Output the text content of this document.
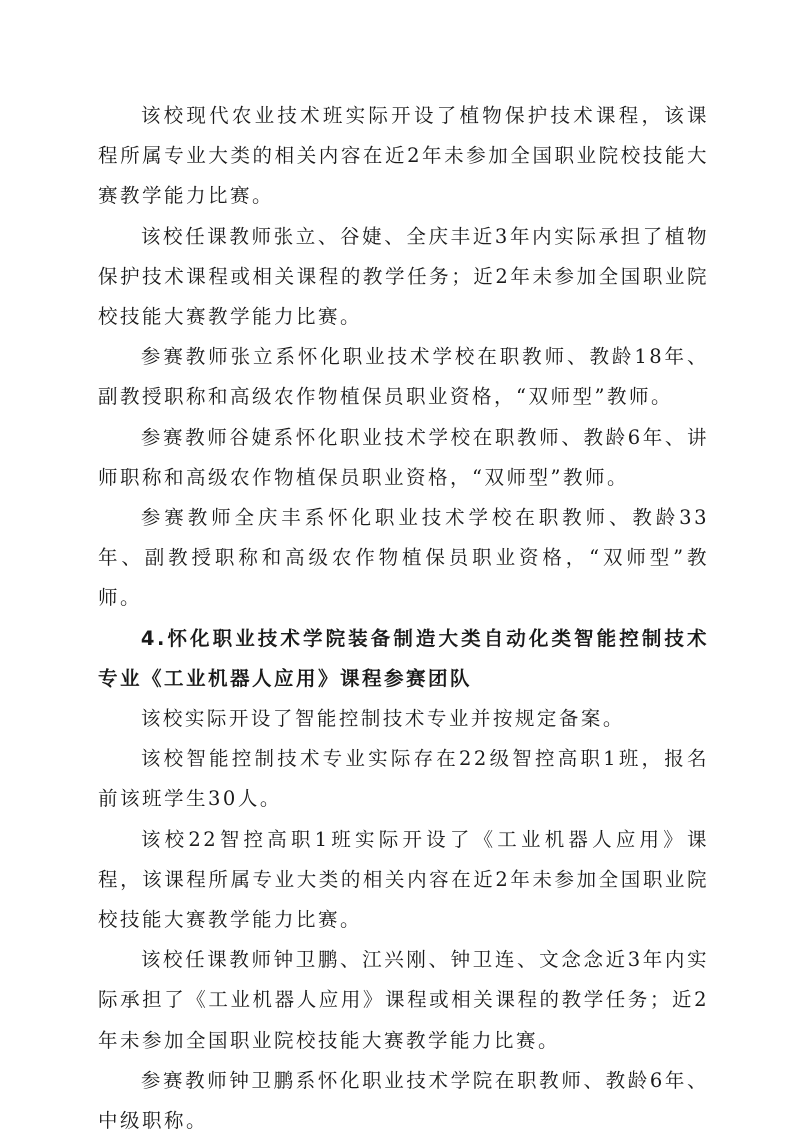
该校现代农业技术班实际开设了植物保护技术课程，该课程所属专业大类的相关内容在近2年未参加全国职业院校技能大赛教学能力比赛。

该校任课教师张立、谷婕、全庆丰近3年内实际承担了植物保护技术课程或相关课程的教学任务；近2年未参加全国职业院校技能大赛教学能力比赛。

参赛教师张立系怀化职业技术学校在职教师、教龄18年、副教授职称和高级农作物植保员职业资格，“双师型”教师。

参赛教师谷婕系怀化职业技术学校在职教师、教龄6年、讲师职称和高级农作物植保员职业资格，“双师型”教师。

参赛教师全庆丰系怀化职业技术学校在职教师、教龄33年、副教授职称和高级农作物植保员职业资格，“双师型”教师。

4.怀化职业技术学院装备制造大类自动化类智能控制技术专业《工业机器人应用》课程参赛团队

该校实际开设了智能控制技术专业并按规定备案。

该校智能控制技术专业实际存在22级智控高职1班，报名前该班学生30人。

该校22智控高职1班实际开设了《工业机器人应用》课程，该课程所属专业大类的相关内容在近2年未参加全国职业院校技能大赛教学能力比赛。

该校任课教师钟卫鹏、江兴刚、钟卫连、文念念近3年内实际承担了《工业机器人应用》课程或相关课程的教学任务；近2年未参加全国职业院校技能大赛教学能力比赛。

参赛教师钟卫鹏系怀化职业技术学院在职教师、教龄6年、中级职称。
